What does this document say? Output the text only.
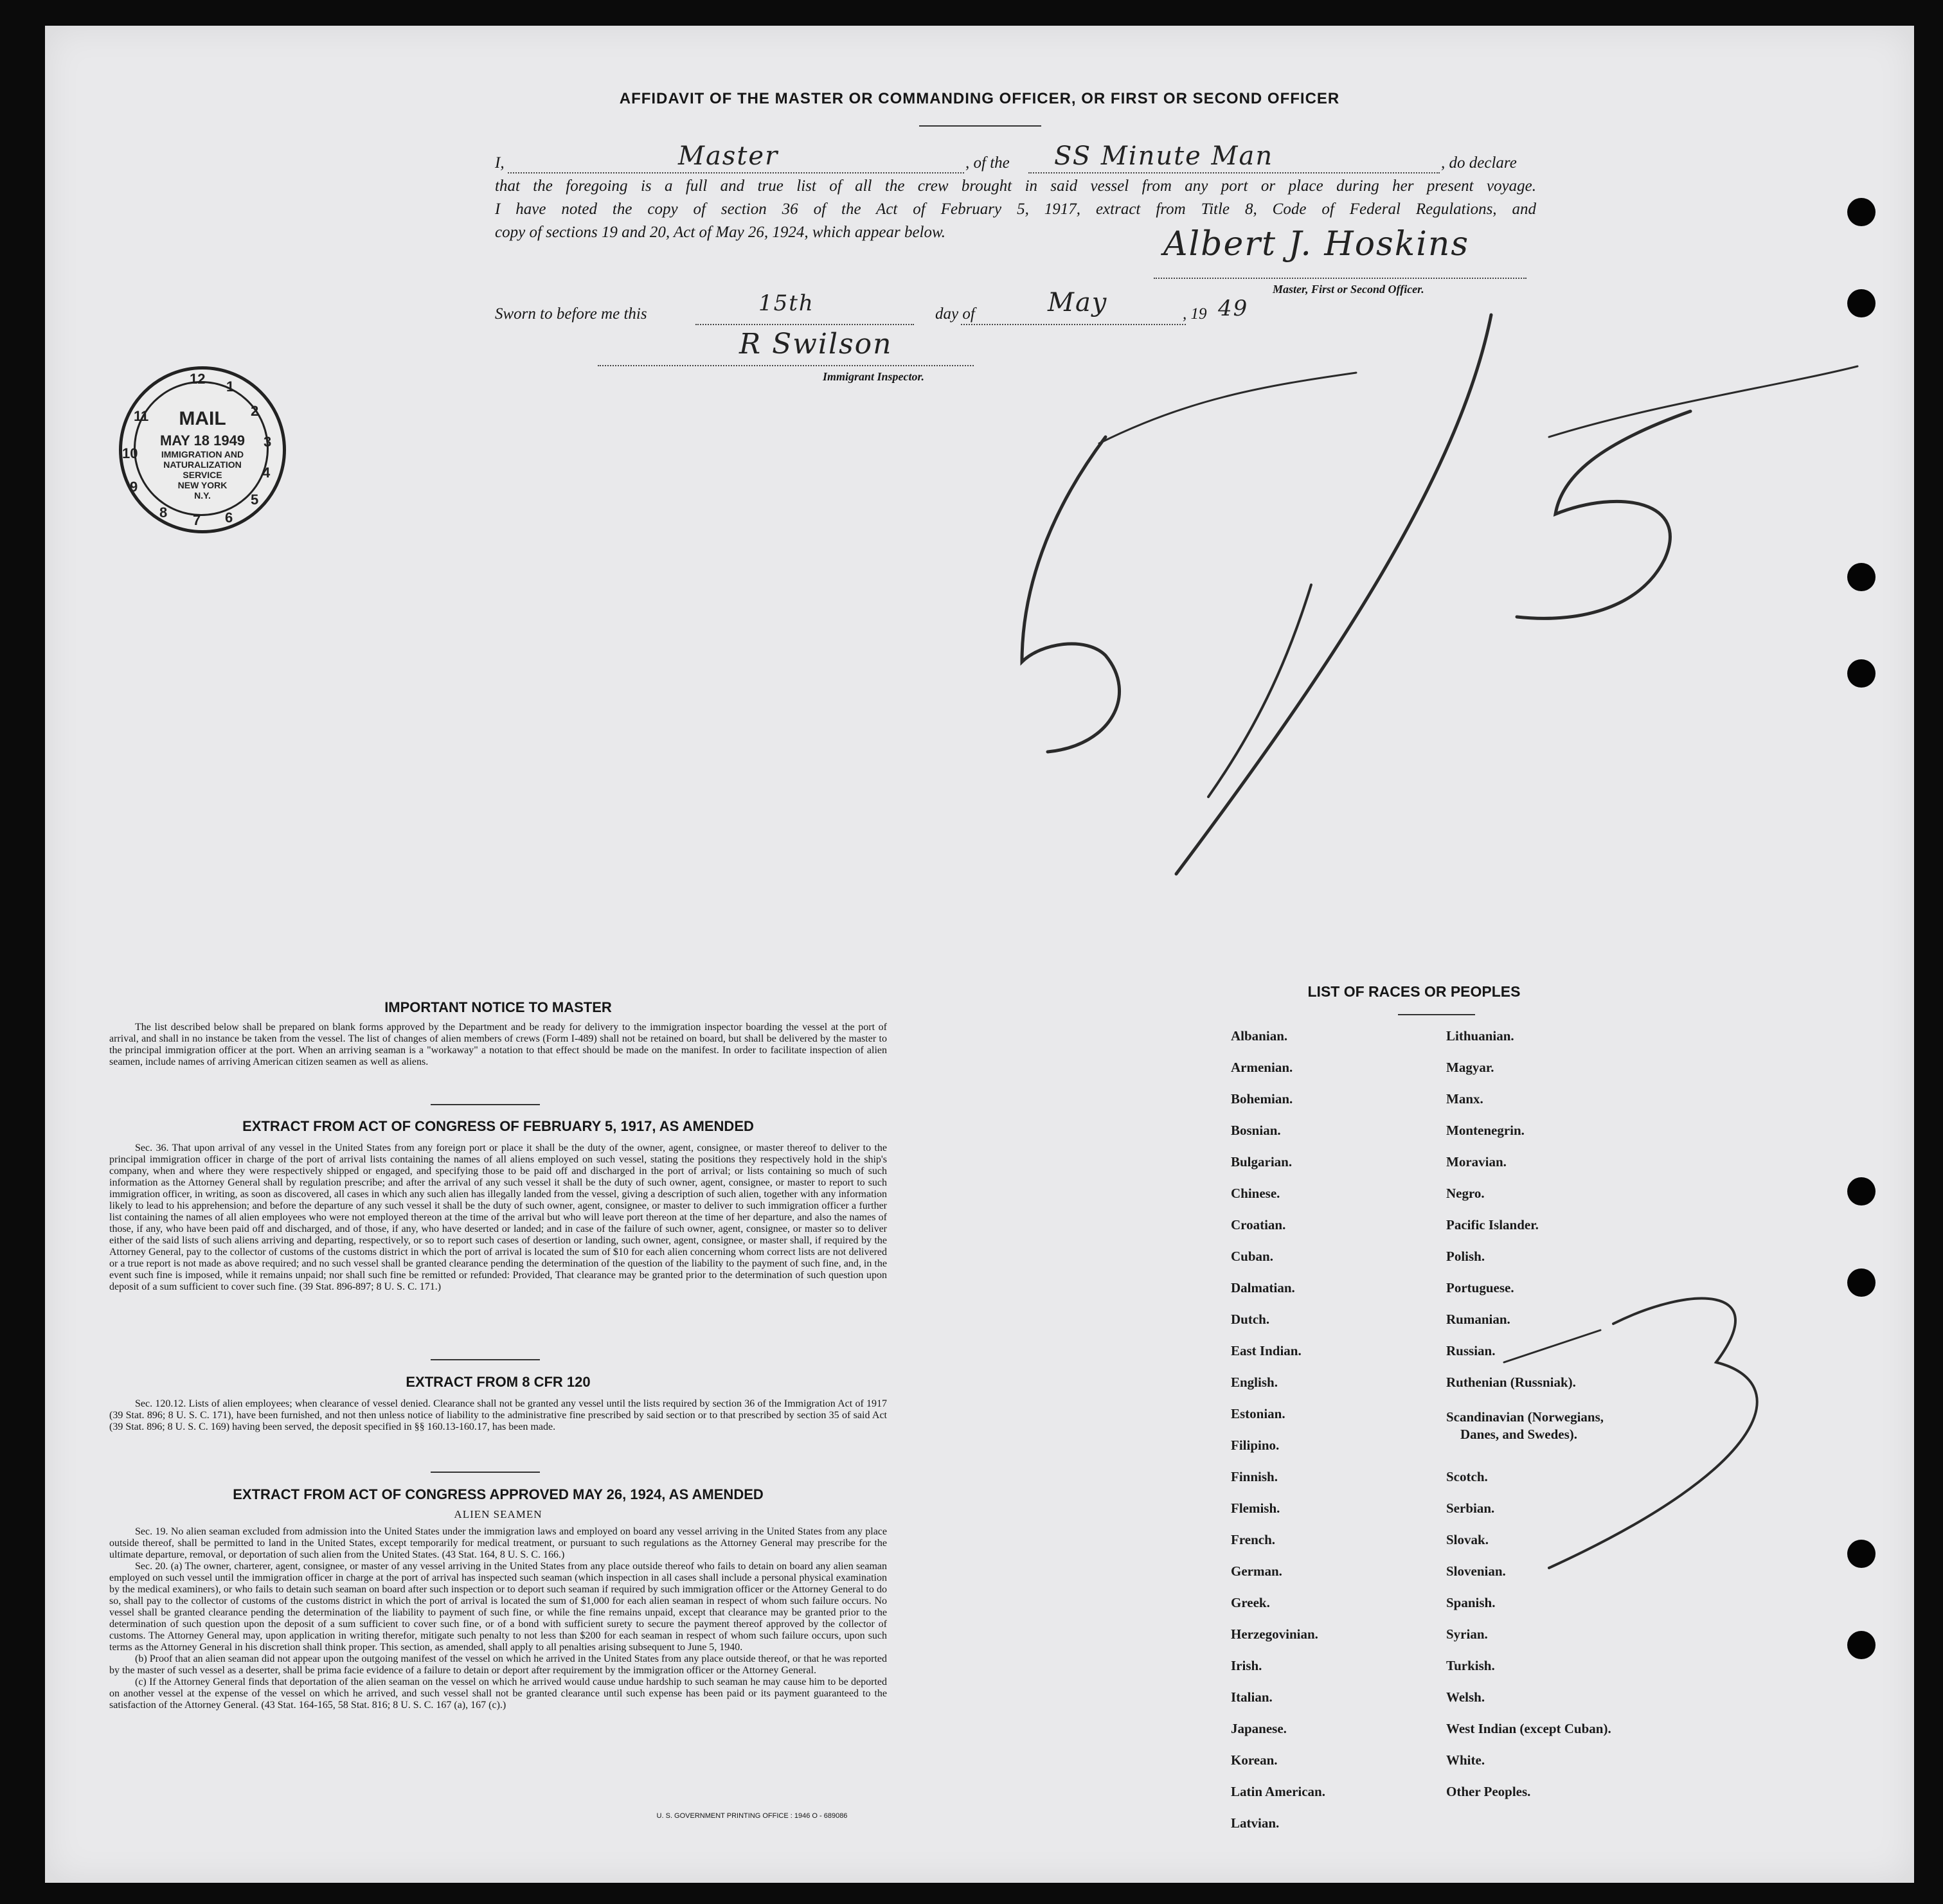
AFFIDAVIT OF THE MASTER OR COMMANDING OFFICER, OR FIRST OR SECOND OFFICER
I,	Master	, of the SS Minute Man	, do declare
that the foregoing is a full and true list of all the crew brought in said vessel from any port or place during her present voyage.
I have noted the copy of section 36 of the Act of February 5, 1917, extract from Title 8, Code of Federal Regulations, and
copy of sections 19 and 20, Act of May 26, 1924, which appear below.	Albert J. Hoskins
Master, First or Second Officer.
Sworn to before me this	15th	day of	May	, 19 49
R Swilson
Immigrant Inspector.
12 1
2
3
4
5
6
7
8
9
10
11	MAIL
MAY 18 1949
IMMIGRATION AND
NATURALIZATION
SERVICE
NEW YORK
N.Y.
IMPORTANT NOTICE TO MASTER

The list described below shall be prepared on blank forms approved by the Department and be ready for delivery to the immigration inspector boarding the vessel at the port of arrival, and shall in no instance be taken from the vessel. The list of changes of alien members of crews (Form I-489) shall not be retained on board, but shall be delivered by the master to the principal immigration officer at the port. When an arriving seaman is a "workaway" a notation to that effect should be made on the manifest. In order to facilitate inspection of alien seamen, include names of arriving American citizen seamen as well as aliens.

EXTRACT FROM ACT OF CONGRESS OF FEBRUARY 5, 1917, AS AMENDED

Sec. 36. That upon arrival of any vessel in the United States from any foreign port or place it shall be the duty of the owner, agent, consignee, or master thereof to deliver to the principal immigration officer in charge of the port of arrival lists containing the names of all aliens employed on such vessel, stating the positions they respectively hold in the ship's company, when and where they were respectively shipped or engaged, and specifying those to be paid off and discharged in the port of arrival; or lists containing so much of such information as the Attorney General shall by regulation prescribe; and after the arrival of any such vessel it shall be the duty of such owner, agent, consignee, or master to report to such immigration officer, in writing, as soon as discovered, all cases in which any such alien has illegally landed from the vessel, giving a description of such alien, together with any information likely to lead to his apprehension; and before the departure of any such vessel it shall be the duty of such owner, agent, consignee, or master to deliver to such immigration officer a further list containing the names of all alien employees who were not employed thereon at the time of the arrival but who will leave port thereon at the time of her departure, and also the names of those, if any, who have been paid off and discharged, and of those, if any, who have deserted or landed; and in case of the failure of such owner, agent, consignee, or master so to deliver either of the said lists of such aliens arriving and departing, respectively, or so to report such cases of desertion or landing, such owner, agent, consignee, or master shall, if required by the Attorney General, pay to the collector of customs of the customs district in which the port of arrival is located the sum of $10 for each alien concerning whom correct lists are not delivered or a true report is not made as above required; and no such vessel shall be granted clearance pending the determination of the question of the liability to the payment of such fine, and, in the event such fine is imposed, while it remains unpaid; nor shall such fine be remitted or refunded: Provided, That clearance may be granted prior to the determination of such question upon deposit of a sum sufficient to cover such fine. (39 Stat. 896-897; 8 U. S. C. 171.)

EXTRACT FROM 8 CFR 120

Sec. 120.12. Lists of alien employees; when clearance of vessel denied. Clearance shall not be granted any vessel until the lists required by section 36 of the Immigration Act of 1917 (39 Stat. 896; 8 U. S. C. 171), have been furnished, and not then unless notice of liability to the administrative fine prescribed by said section or to that prescribed by section 35 of said Act (39 Stat. 896; 8 U. S. C. 169) having been served, the deposit specified in §§ 160.13-160.17, has been made.

EXTRACT FROM ACT OF CONGRESS APPROVED MAY 26, 1924, AS AMENDED
ALIEN SEAMEN

Sec. 19. No alien seaman excluded from admission into the United States under the immigration laws and employed on board any vessel arriving in the United States from any place outside thereof, shall be permitted to land in the United States, except temporarily for medical treatment, or pursuant to such regulations as the Attorney General may prescribe for the ultimate departure, removal, or deportation of such alien from the United States. (43 Stat. 164, 8 U. S. C. 166.)

Sec. 20. (a) The owner, charterer, agent, consignee, or master of any vessel arriving in the United States from any place outside thereof who fails to detain on board any alien seaman employed on such vessel until the immigration officer in charge at the port of arrival has inspected such seaman (which inspection in all cases shall include a personal physical examination by the medical examiners), or who fails to detain such seaman on board after such inspection or to deport such seaman if required by such immigration officer or the Attorney General to do so, shall pay to the collector of customs of the customs district in which the port of arrival is located the sum of $1,000 for each alien seaman in respect of whom such failure occurs. No vessel shall be granted clearance pending the determination of the liability to payment of such fine, or while the fine remains unpaid, except that clearance may be granted prior to the determination of such question upon the deposit of a sum sufficient to cover such fine, or of a bond with sufficient surety to secure the payment thereof approved by the collector of customs. The Attorney General may, upon application in writing therefor, mitigate such penalty to not less than $200 for each seaman in respect of whom such failure occurs, upon such terms as the Attorney General in his discretion shall think proper. This section, as amended, shall apply to all penalties arising subsequent to June 5, 1940.

(b) Proof that an alien seaman did not appear upon the outgoing manifest of the vessel on which he arrived in the United States from any place outside thereof, or that he was reported by the master of such vessel as a deserter, shall be prima facie evidence of a failure to detain or deport after requirement by the immigration officer or the Attorney General.

(c) If the Attorney General finds that deportation of the alien seaman on the vessel on which he arrived would cause undue hardship to such seaman he may cause him to be deported on another vessel at the expense of the vessel on which he arrived, and such vessel shall not be granted clearance until such expense has been paid or its payment guaranteed to the satisfaction of the Attorney General. (43 Stat. 164-165, 58 Stat. 816; 8 U. S. C. 167 (a), 167 (c).)

U. S. GOVERNMENT PRINTING OFFICE : 1946 O - 689086
LIST OF RACES OR PEOPLES
Albanian.
Armenian.
Bohemian.
Bosnian.
Bulgarian.
Chinese.
Croatian.
Cuban.
Dalmatian.
Dutch.
East Indian.
English.
Estonian.
Filipino.
Finnish.
Flemish.
French.
German.
Greek.
Herzegovinian.
Irish.
Italian.
Japanese.
Korean.
Latin American.
Latvian.
Lithuanian.
Magyar.
Manx.
Montenegrin.
Moravian.
Negro.
Pacific Islander.
Polish.
Portuguese.
Rumanian.
Russian.
Ruthenian (Russniak).
Scandinavian (Norwegians,
Danes, and Swedes).
Scotch.
Serbian.
Slovak.
Slovenian.
Spanish.
Syrian.
Turkish.
Welsh.
West Indian (except Cuban).
White.
Other Peoples.
